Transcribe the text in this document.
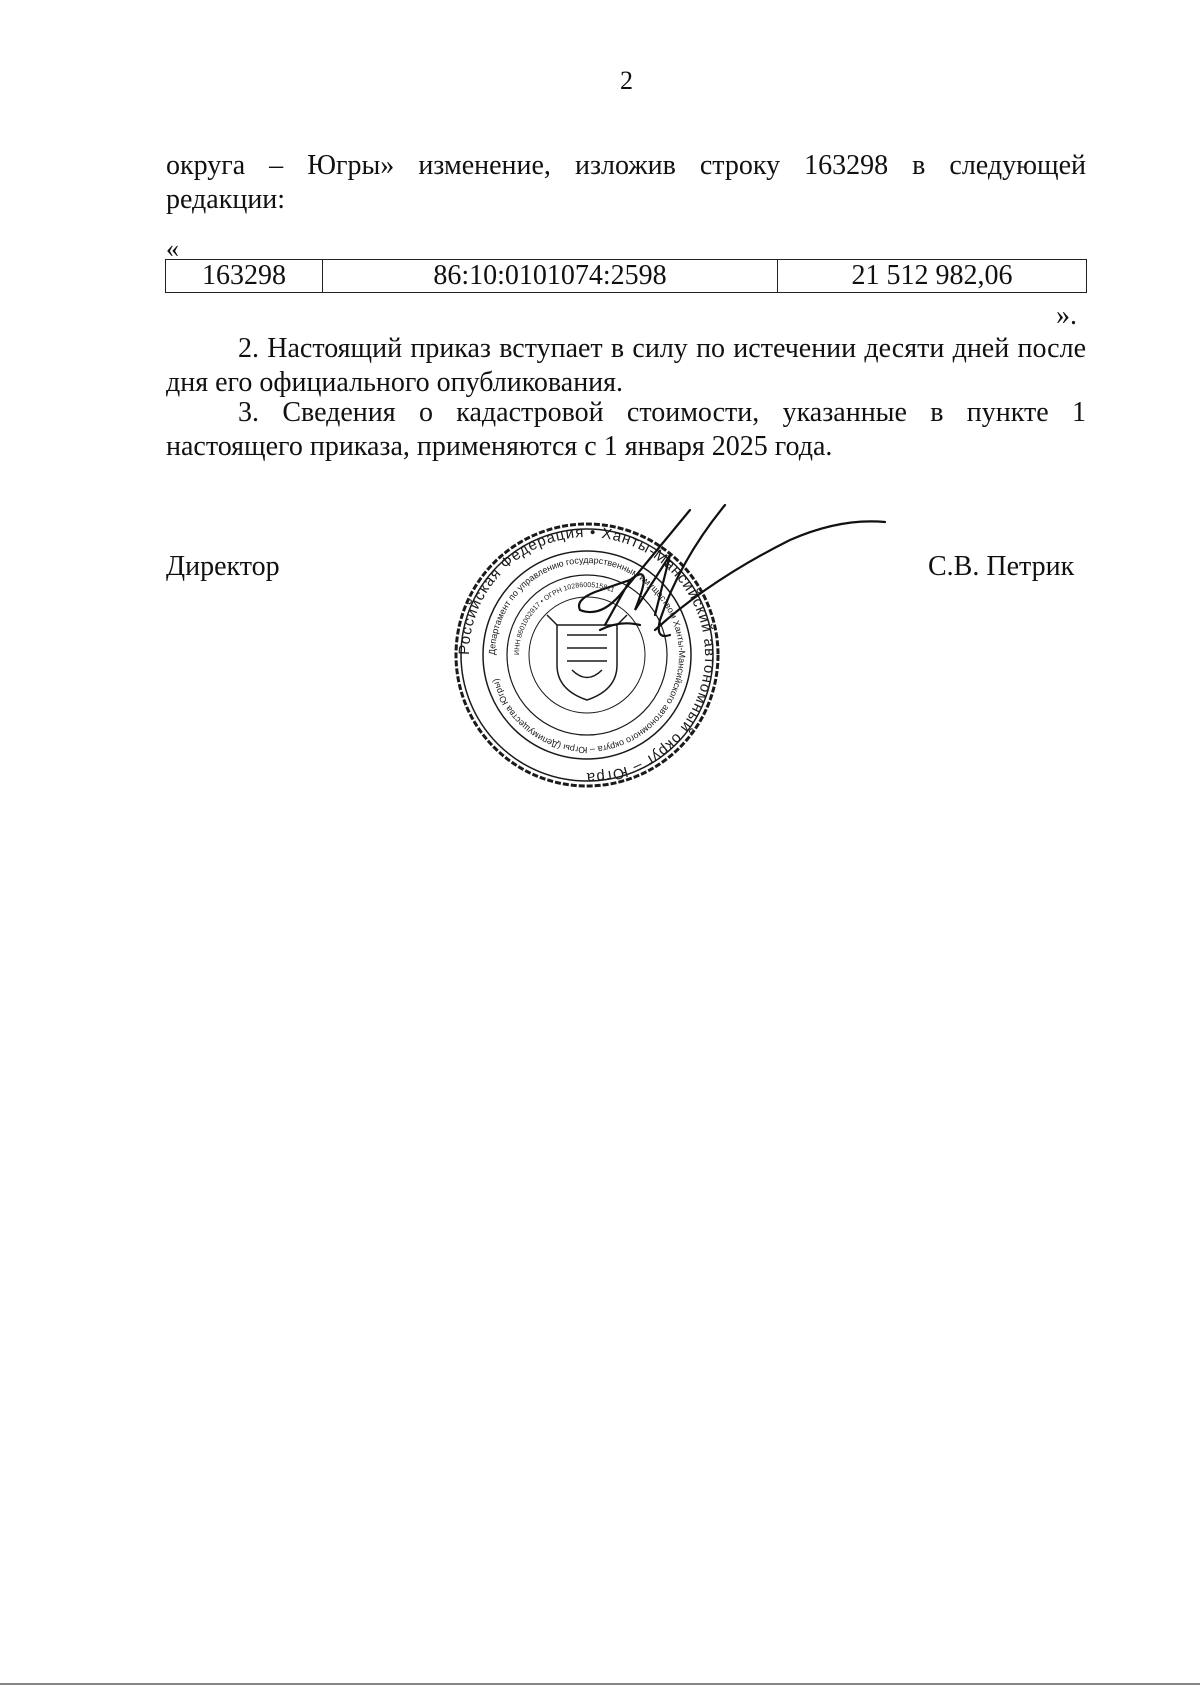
2
округа – Югры» изменение, изложив строку 163298 в следующей
редакции:
«
163298	86:10:0101074:2598	21 512 982,06
».
2. Настоящий приказ вступает в силу по истечении десяти дней после дня его официального опубликования.
3. Сведения о кадастровой стоимости, указанные в пункте 1 настоящего приказа, применяются с 1 января 2025 года.
Директор
Российская Федерация • Ханты-Мансийский автономный округ – Югра
Департамент по управлению государственным имуществом Ханты-Мансийского автономного округа – Югры (Депимущества Югры)
ИНН 8601002917 • ОГРН 1028600515811
С.В. Петрик
